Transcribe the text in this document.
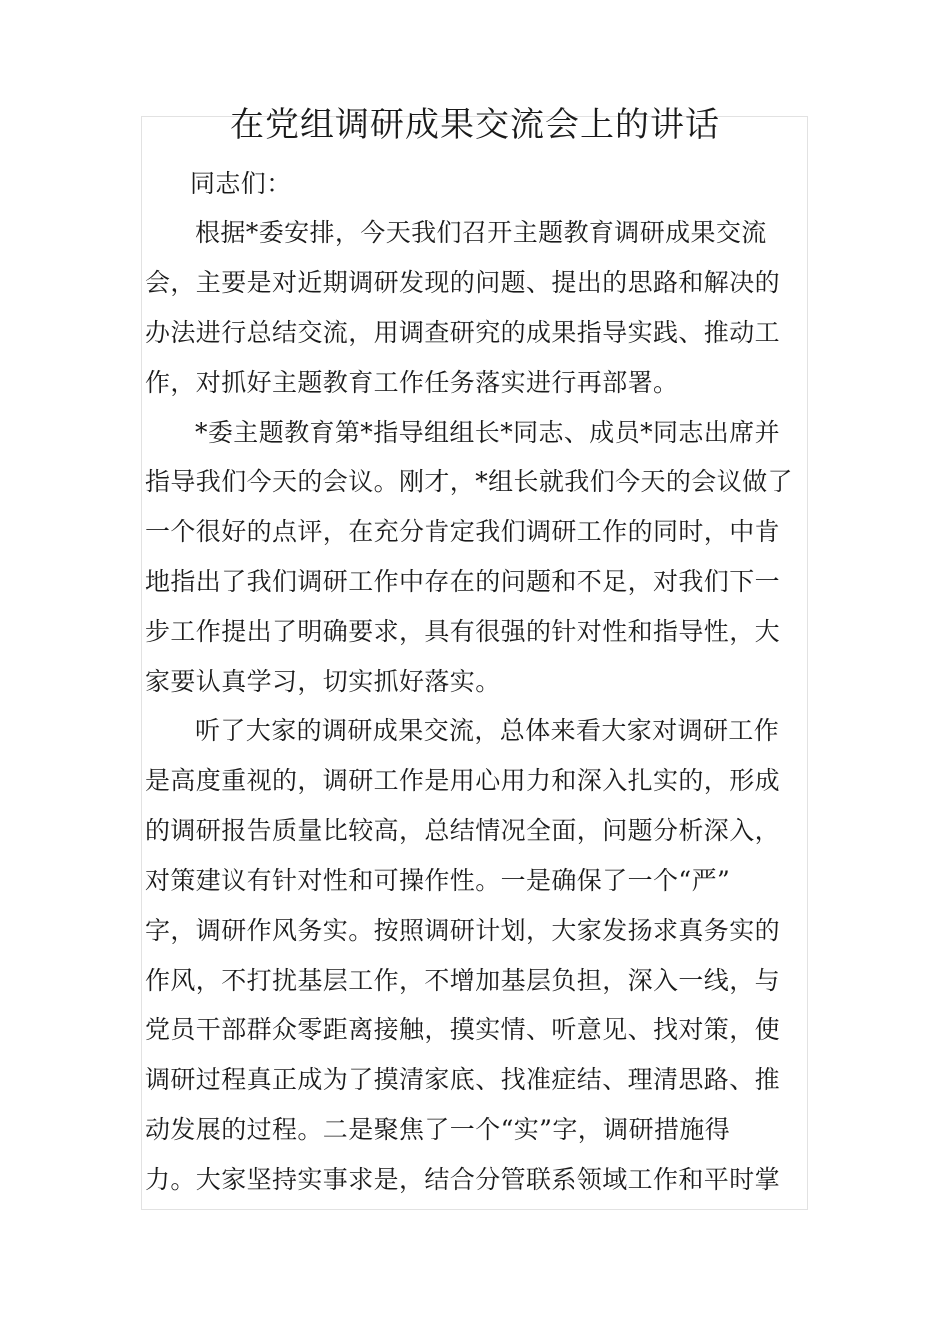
在党组调研成果交流会上的讲话
同志们：
根据*委安排，今天我们召开主题教育调研成果交流
会，主要是对近期调研发现的问题、提出的思路和解决的
办法进行总结交流，用调查研究的成果指导实践、推动工
作，对抓好主题教育工作任务落实进行再部署。
*委主题教育第*指导组组长*同志、成员*同志出席并
指导我们今天的会议。刚才，*组长就我们今天的会议做了
一个很好的点评，在充分肯定我们调研工作的同时，中肯
地指出了我们调研工作中存在的问题和不足，对我们下一
步工作提出了明确要求，具有很强的针对性和指导性，大
家要认真学习，切实抓好落实。
听了大家的调研成果交流，总体来看大家对调研工作
是高度重视的，调研工作是用心用力和深入扎实的，形成
的调研报告质量比较高，总结情况全面，问题分析深入，
对策建议有针对性和可操作性。一是确保了一个“严”
字，调研作风务实。按照调研计划，大家发扬求真务实的
作风，不打扰基层工作，不增加基层负担，深入一线，与
党员干部群众零距离接触，摸实情、听意见、找对策，使
调研过程真正成为了摸清家底、找准症结、理清思路、推
动发展的过程。二是聚焦了一个“实”字，调研措施得
力。大家坚持实事求是，结合分管联系领域工作和平时掌
